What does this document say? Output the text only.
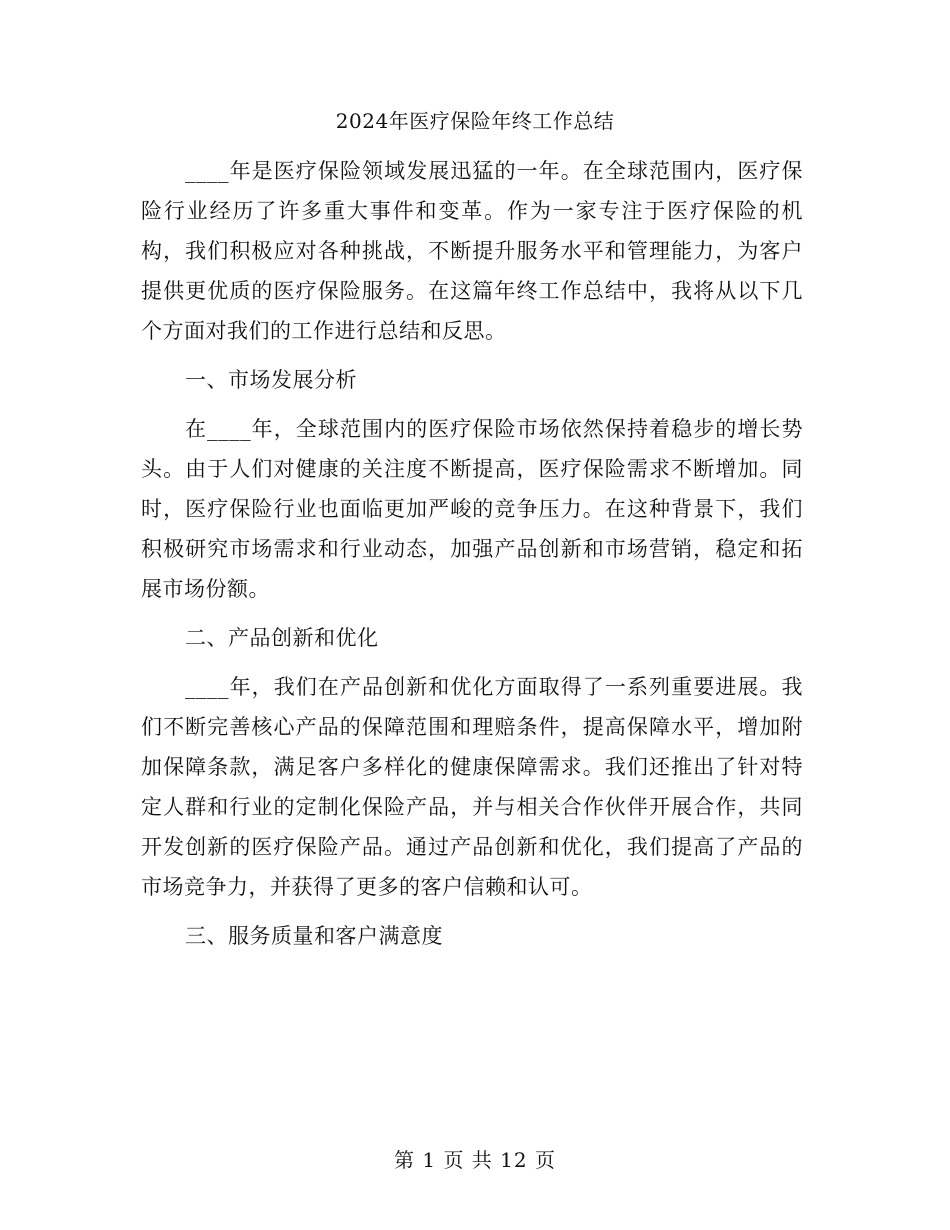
2024年医疗保险年终工作总结

____年是医疗保险领域发展迅猛的一年。在全球范围内，医疗保险行业经历了许多重大事件和变革。作为一家专注于医疗保险的机构，我们积极应对各种挑战，不断提升服务水平和管理能力，为客户提供更优质的医疗保险服务。在这篇年终工作总结中，我将从以下几个方面对我们的工作进行总结和反思。

一、市场发展分析

在____年，全球范围内的医疗保险市场依然保持着稳步的增长势头。由于人们对健康的关注度不断提高，医疗保险需求不断增加。同时，医疗保险行业也面临更加严峻的竞争压力。在这种背景下，我们积极研究市场需求和行业动态，加强产品创新和市场营销，稳定和拓展市场份额。

二、产品创新和优化

____年，我们在产品创新和优化方面取得了一系列重要进展。我们不断完善核心产品的保障范围和理赔条件，提高保障水平，增加附加保障条款，满足客户多样化的健康保障需求。我们还推出了针对特定人群和行业的定制化保险产品，并与相关合作伙伴开展合作，共同开发创新的医疗保险产品。通过产品创新和优化，我们提高了产品的市场竞争力，并获得了更多的客户信赖和认可。

三、服务质量和客户满意度

第 1 页 共 12 页
